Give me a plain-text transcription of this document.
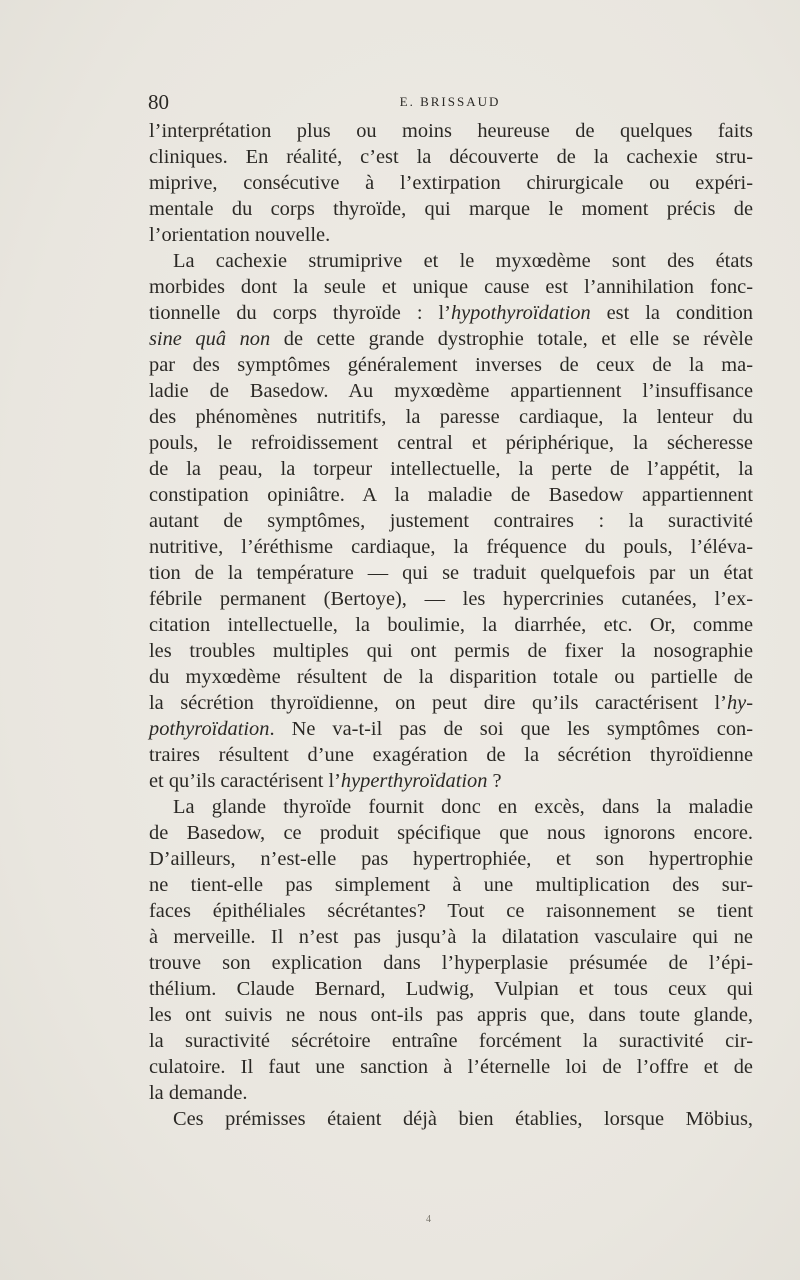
80	E. BRISSAUD
l’interprétation plus ou moins heureuse de quelques faits
cliniques. En réalité, c’est la découverte de la cachexie stru-
miprive, consécutive à l’extirpation chirurgicale ou expéri-
mentale du corps thyroïde, qui marque le moment précis de
l’orientation nouvelle.
La cachexie strumiprive et le myxœdème sont des états
morbides dont la seule et unique cause est l’annihilation fonc-
tionnelle du corps thyroïde : l’hypothyroïdation est la condition
sine quâ non de cette grande dystrophie totale, et elle se révèle
par des symptômes généralement inverses de ceux de la ma-
ladie de Basedow. Au myxœdème appartiennent l’insuffisance
des phénomènes nutritifs, la paresse cardiaque, la lenteur du
pouls, le refroidissement central et périphérique, la sécheresse
de la peau, la torpeur intellectuelle, la perte de l’appétit, la
constipation opiniâtre. A la maladie de Basedow appartiennent
autant de symptômes, justement contraires : la suractivité
nutritive, l’éréthisme cardiaque, la fréquence du pouls, l’éléva-
tion de la température — qui se traduit quelquefois par un état
fébrile permanent (Bertoye), — les hypercrinies cutanées, l’ex-
citation intellectuelle, la boulimie, la diarrhée, etc. Or, comme
les troubles multiples qui ont permis de fixer la nosographie
du myxœdème résultent de la disparition totale ou partielle de
la sécrétion thyroïdienne, on peut dire qu’ils caractérisent l’hy-
pothyroïdation. Ne va-t-il pas de soi que les symptômes con-
traires résultent d’une exagération de la sécrétion thyroïdienne
et qu’ils caractérisent l’hyperthyroïdation ?
La glande thyroïde fournit donc en excès, dans la maladie
de Basedow, ce produit spécifique que nous ignorons encore.
D’ailleurs, n’est-elle pas hypertrophiée, et son hypertrophie
ne tient-elle pas simplement à une multiplication des sur-
faces épithéliales sécrétantes? Tout ce raisonnement se tient
à merveille. Il n’est pas jusqu’à la dilatation vasculaire qui ne
trouve son explication dans l’hyperplasie présumée de l’épi-
thélium. Claude Bernard, Ludwig, Vulpian et tous ceux qui
les ont suivis ne nous ont-ils pas appris que, dans toute glande,
la suractivité sécrétoire entraîne forcément la suractivité cir-
culatoire. Il faut une sanction à l’éternelle loi de l’offre et de
la demande.
Ces prémisses étaient déjà bien établies, lorsque Möbius,
4
